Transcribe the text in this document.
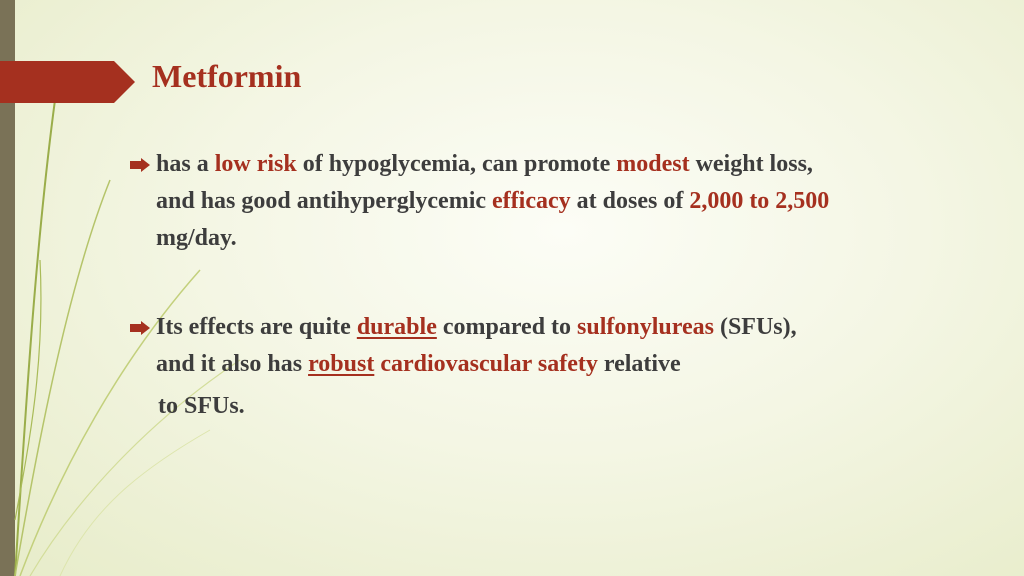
Metformin
has a low risk of hypoglycemia, can promote modest weight loss,
and has good antihyperglycemic efficacy at doses of 2,000 to 2,500
mg/day.
Its effects are quite durable compared to sulfonylureas (SFUs),
and it also has robust cardiovascular safety relative
to SFUs.
